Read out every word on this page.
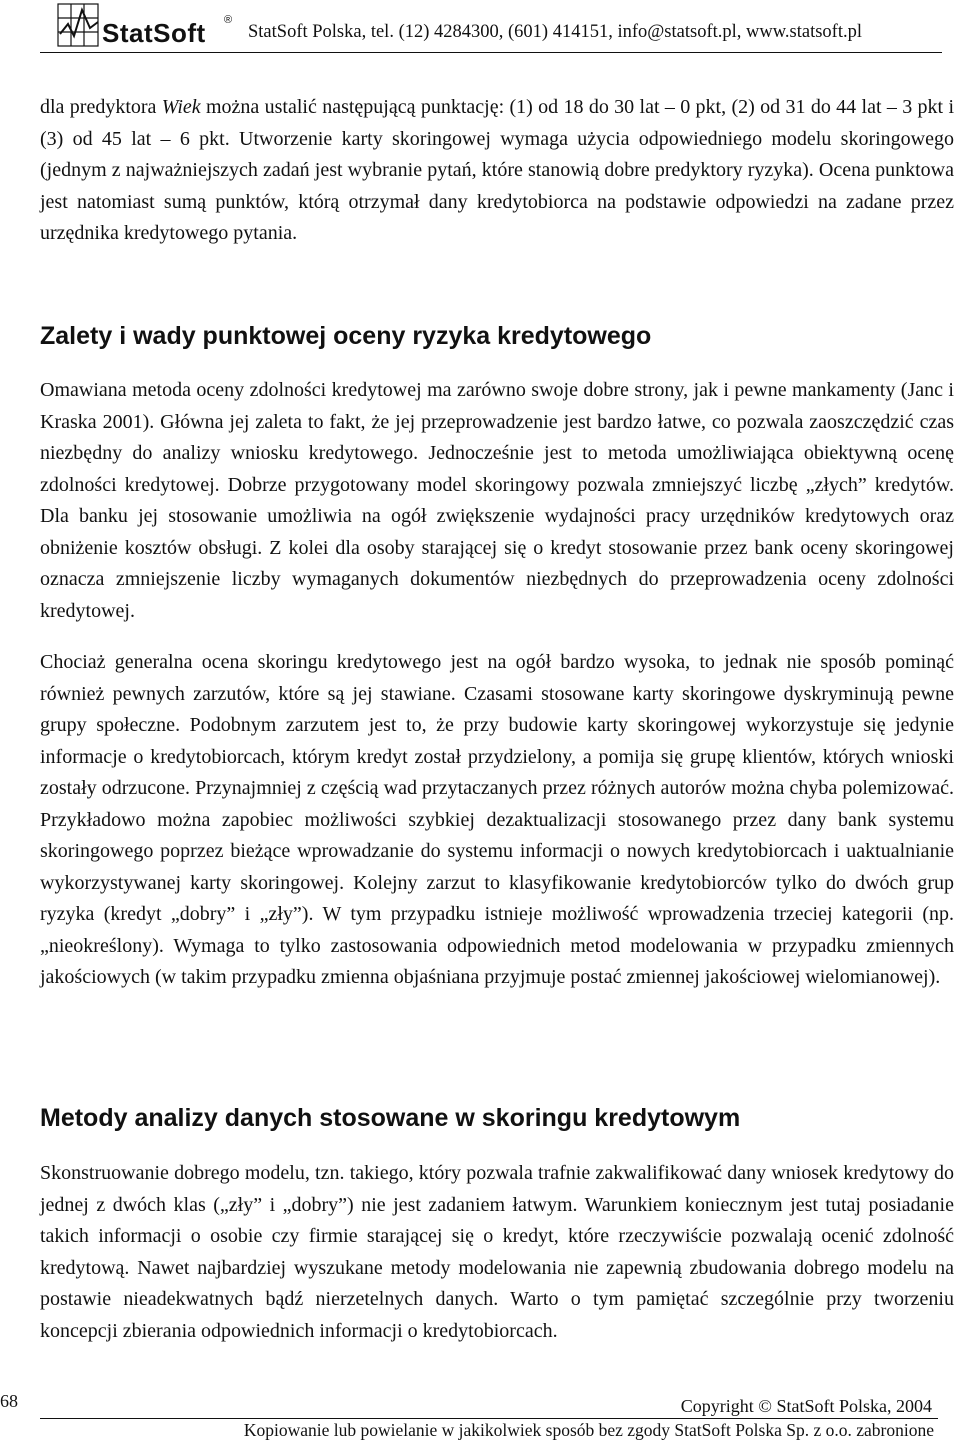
StatSoft ®
StatSoft Polska, tel. (12) 4284300, (601) 414151, info@statsoft.pl, www.statsoft.pl

dla predyktora Wiek można ustalić następującą punktację: (1) od 18 do 30 lat – 0 pkt, (2) od 31 do 44 lat – 3 pkt i (3) od 45 lat – 6 pkt. Utworzenie karty skoringowej wymaga użycia odpowiedniego modelu skoringowego (jednym z najważniejszych zadań jest wybranie pytań, które stanowią dobre predyktory ryzyka). Ocena punktowa jest natomiast sumą punktów, którą otrzymał dany kredytobiorca na podstawie odpowiedzi na zadane przez urzędnika kredytowego pytania.

Zalety i wady punktowej oceny ryzyka kredytowego

Omawiana metoda oceny zdolności kredytowej ma zarówno swoje dobre strony, jak i pewne mankamenty (Janc i Kraska 2001). Główna jej zaleta to fakt, że jej przeprowadzenie jest bardzo łatwe, co pozwala zaoszczędzić czas niezbędny do analizy wniosku kredytowego. Jednocześnie jest to metoda umożliwiająca obiektywną ocenę zdolności kredytowej. Dobrze przygotowany model skoringowy pozwala zmniejszyć liczbę „złych” kredytów. Dla banku jej stosowanie umożliwia na ogół zwiększenie wydajności pracy urzędników kredytowych oraz obniżenie kosztów obsługi. Z kolei dla osoby starającej się o kredyt stosowanie przez bank oceny skoringowej oznacza zmniejszenie liczby wymaganych dokumentów niezbędnych do przeprowadzenia oceny zdolności kredytowej.

Chociaż generalna ocena skoringu kredytowego jest na ogół bardzo wysoka, to jednak nie sposób pominąć również pewnych zarzutów, które są jej stawiane. Czasami stosowane karty skoringowe dyskryminują pewne grupy społeczne. Podobnym zarzutem jest to, że przy budowie karty skoringowej wykorzystuje się jedynie informacje o kredytobiorcach, którym kredyt został przydzielony, a pomija się grupę klientów, których wnioski zostały odrzucone. Przynajmniej z częścią wad przytaczanych przez różnych autorów można chyba polemizować. Przykładowo można zapobiec możliwości szybkiej dezaktualizacji stosowanego przez dany bank systemu skoringowego poprzez bieżące wprowadzanie do systemu informacji o nowych kredytobiorcach i uaktualnianie wykorzystywanej karty skoringowej. Kolejny zarzut to klasyfikowanie kredytobiorców tylko do dwóch grup ryzyka (kredyt „dobry” i „zły”). W tym przypadku istnieje możliwość wprowadzenia trzeciej kategorii (np. „nieokreślony). Wymaga to tylko zastosowania odpowiednich metod modelowania w przypadku zmiennych jakościowych (w takim przypadku zmienna objaśniana przyjmuje postać zmiennej jakościowej wielomianowej).

Metody analizy danych stosowane w skoringu kredytowym

Skonstruowanie dobrego modelu, tzn. takiego, który pozwala trafnie zakwalifikować dany wniosek kredytowy do jednej z dwóch klas („zły” i „dobry”) nie jest zadaniem łatwym. Warunkiem koniecznym jest tutaj posiadanie takich informacji o osobie czy firmie starającej się o kredyt, które rzeczywiście pozwalają ocenić zdolność kredytową. Nawet najbardziej wyszukane metody modelowania nie zapewnią zbudowania dobrego modelu na postawie nieadekwatnych bądź nierzetelnych danych. Warto o tym pamiętać szczególnie przy tworzeniu koncepcji zbierania odpowiednich informacji o kredytobiorcach.

68	Copyright © StatSoft Polska, 2004
Kopiowanie lub powielanie w jakikolwiek sposób bez zgody StatSoft Polska Sp. z o.o. zabronione
